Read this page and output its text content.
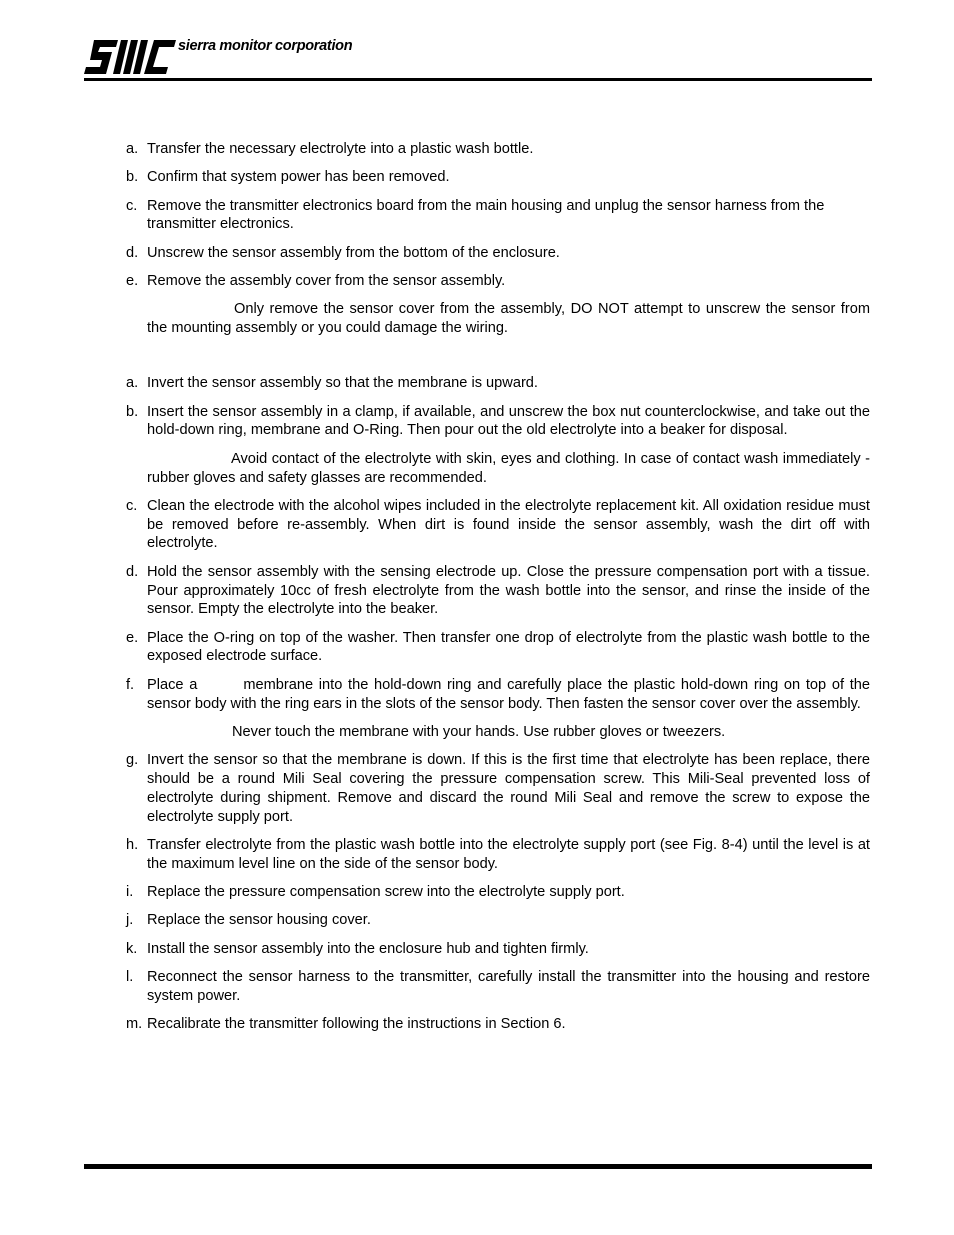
sierra monitor corporation
a. Transfer the necessary electrolyte into a plastic wash bottle.
b. Confirm that system power has been removed.
c. Remove the transmitter electronics board from the main housing and unplug the sensor harness from the transmitter electronics.
d. Unscrew the sensor assembly from the bottom of the enclosure.
e. Remove the assembly cover from the sensor assembly.
Only remove the sensor cover from the assembly, DO NOT attempt to unscrew the sensor from the mounting assembly or you could damage the wiring.
a. Invert the sensor assembly so that the membrane is upward.
b. Insert the sensor assembly in a clamp, if available, and unscrew the box nut counterclockwise, and take out the hold-down ring, membrane and O-Ring. Then pour out the old electrolyte into a beaker for disposal.
Avoid contact of the electrolyte with skin, eyes and clothing. In case of contact wash immediately - rubber gloves and safety glasses are recommended.
c. Clean the electrode with the alcohol wipes included in the electrolyte replacement kit. All oxidation residue must be removed before re-assembly. When dirt is found inside the sensor assembly, wash the dirt off with electrolyte.
d. Hold the sensor assembly with the sensing electrode up. Close the pressure compensation port with a tissue. Pour approximately 10cc of fresh electrolyte from the wash bottle into the sensor, and rinse the inside of the sensor. Empty the electrolyte into the beaker.
e. Place the O-ring on top of the washer. Then transfer one drop of electrolyte from the plastic wash bottle to the exposed electrode surface.
f. Place a	membrane into the hold-down ring and carefully place the plastic hold-down ring on top of the sensor body with the ring ears in the slots of the sensor body. Then fasten the sensor cover over the assembly.
Never touch the membrane with your hands. Use rubber gloves or tweezers.
g. Invert the sensor so that the membrane is down. If this is the first time that electrolyte has been replace, there should be a round Mili Seal covering the pressure compensation screw. This Mili-Seal prevented loss of electrolyte during shipment. Remove and discard the round Mili Seal and remove the screw to expose the electrolyte supply port.
h. Transfer electrolyte from the plastic wash bottle into the electrolyte supply port (see Fig. 8-4) until the level is at the maximum level line on the side of the sensor body.
i. Replace the pressure compensation screw into the electrolyte supply port.
j. Replace the sensor housing cover.
k. Install the sensor assembly into the enclosure hub and tighten firmly.
l. Reconnect the sensor harness to the transmitter, carefully install the transmitter into the housing and restore system power.
m. Recalibrate the transmitter following the instructions in Section 6.
